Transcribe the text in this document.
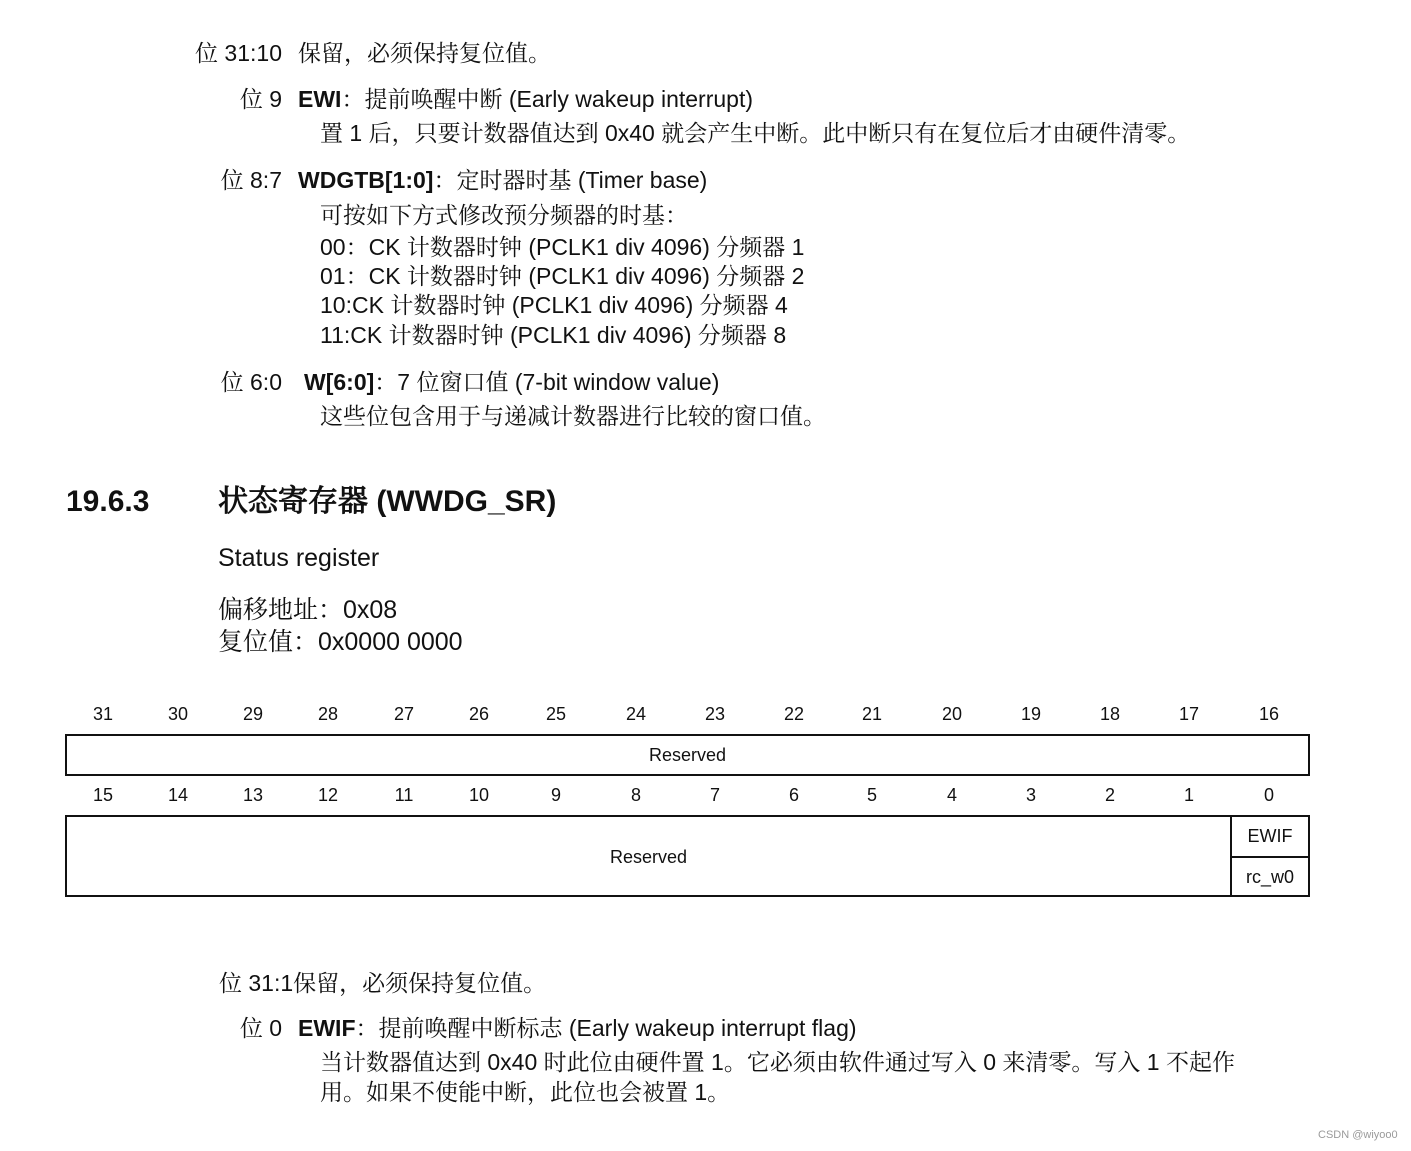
位 31:10 保留，必须保持复位值。
位 9 EWI：提前唤醒中断 (Early wakeup interrupt)
置 1 后，只要计数器值达到 0x40 就会产生中断。此中断只有在复位后才由硬件清零。
位 8:7 WDGTB[1:0]：定时器时基 (Timer base)
可按如下方式修改预分频器的时基：
00：CK 计数器时钟 (PCLK1 div 4096) 分频器 1
01：CK 计数器时钟 (PCLK1 div 4096) 分频器 2
10:CK 计数器时钟 (PCLK1 div 4096) 分频器 4
11:CK 计数器时钟 (PCLK1 div 4096) 分频器 8
位 6:0 W[6:0]：7 位窗口值 (7-bit window value)
这些位包含用于与递减计数器进行比较的窗口值。
19.6.3 状态寄存器 (WWDG_SR)
Status register
偏移地址：0x08
复位值：0x0000 0000
31	30	29	28	27	26	25	24	23	22	21	20	19	18	17	16
Reserved
15	14	13	12	11	10	9	8	7	6	5	4	3	2	1	0
Reserved
EWIF
rc_w0
位 31:1保留，必须保持复位值。
位 0 EWIF：提前唤醒中断标志 (Early wakeup interrupt flag)
当计数器值达到 0x40 时此位由硬件置 1。它必须由软件通过写入 0 来清零。写入 1 不起作
用。如果不使能中断，此位也会被置 1。
CSDN @wiyoo0
